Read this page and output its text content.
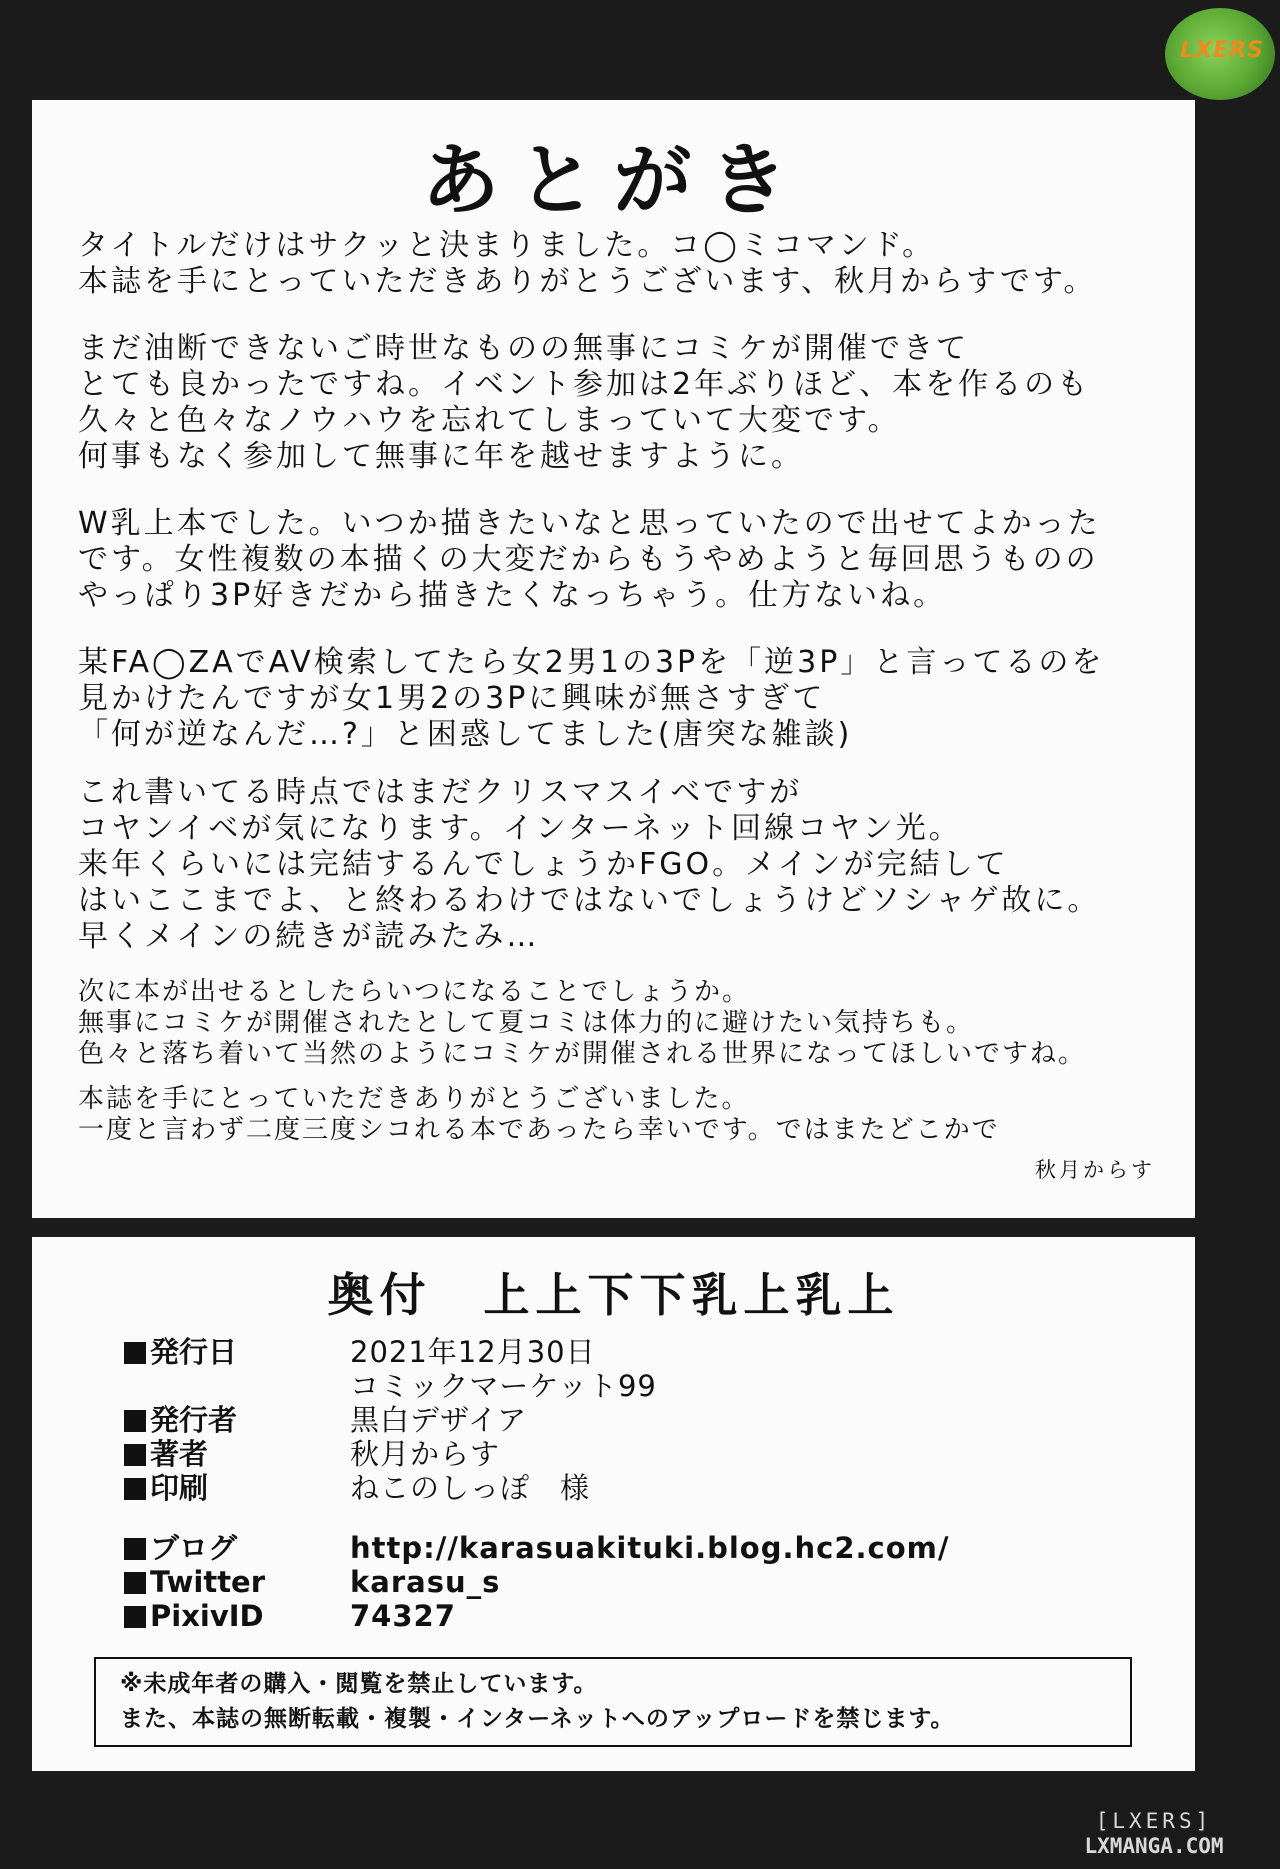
あとがき

タイトルだけはサクッと決まりました。コ◯ミコマンド。
本誌を手にとっていただきありがとうございます、秋月からすです。

まだ油断できないご時世なものの無事にコミケが開催できて
とても良かったですね。イベント参加は2年ぶりほど、本を作るのも
久々と色々なノウハウを忘れてしまっていて大変です。
何事もなく参加して無事に年を越せますように。

W乳上本でした。いつか描きたいなと思っていたので出せてよかった
です。女性複数の本描くの大変だからもうやめようと毎回思うものの
やっぱり3P好きだから描きたくなっちゃう。仕方ないね。

某FA◯ZAでAV検索してたら女2男1の3Pを「逆3P」と言ってるのを
見かけたんですが女1男2の3Pに興味が無さすぎて
「何が逆なんだ…?」と困惑してました(唐突な雑談)

これ書いてる時点ではまだクリスマスイベですが
コヤンイベが気になります。インターネット回線コヤン光。
来年くらいには完結するんでしょうかFGO。メインが完結して
はいここまでよ、と終わるわけではないでしょうけどソシャゲ故に。
早くメインの続きが読みたみ…

次に本が出せるとしたらいつになることでしょうか。
無事にコミケが開催されたとして夏コミは体力的に避けたい気持ちも。
色々と落ち着いて当然のようにコミケが開催される世界になってほしいですね。

本誌を手にとっていただきありがとうございました。
一度と言わず二度三度シコれる本であったら幸いです。ではまたどこかで

秋月からす
奥付　上上下下乳上乳上
発行日	2021年12月30日
コミックマーケット99
発行者	黒白デザイア
著者	秋月からす
印刷	ねこのしっぽ　様
ブログ	http://karasuakituki.blog.hc2.com/
Twitter	karasu_s
PixivID	74327
※未成年者の購入・閲覧を禁止しています。
また、本誌の無断転載・複製・インターネットへのアップロードを禁じます。
LXERS
[LXERS]
LXMANGA.COM
